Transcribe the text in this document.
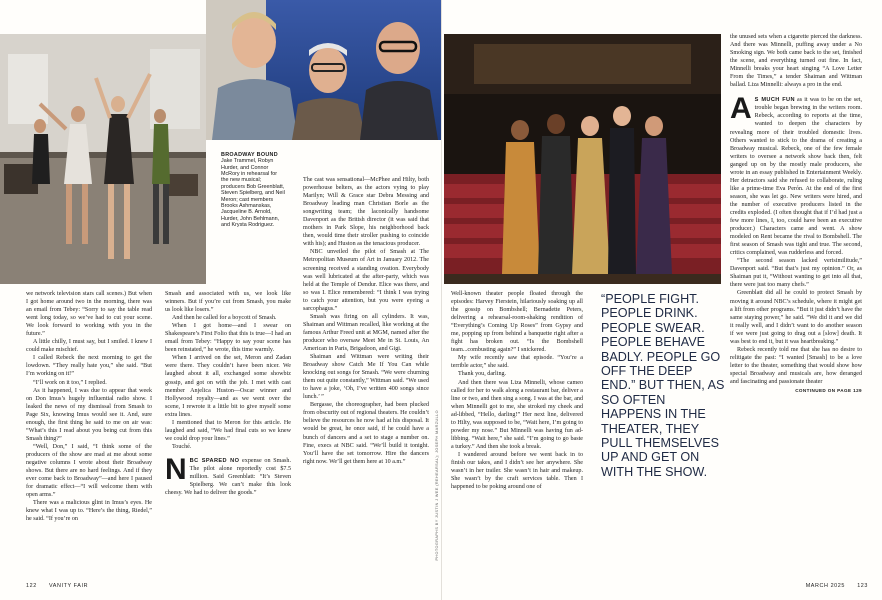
BROADWAY BOUND
Jake Trammel, Robyn Hurder, and Connor McRory in rehearsal for the new musical; producers Bob Greenblatt, Steven Spielberg, and Neil Meron; cast members Brooks Ashmanskas, Jacqueline B. Arnold, Hurder, John Behlmann, and Krysta Rodriguez.

we network television stars call scenes.) But when I got home around two in the morning, there was an email from Tebey: “Sorry to say the table read went long today, so we’ve had to cut your scene. We look forward to working with you in the future.”

A little chilly, I must say, but I smiled. I knew I could make mischief.

I called Rebeck the next morning to get the lowdown. “They really hate you,” she said. “But I’m working on it!”

“I’ll work on it too,” I replied.

As it happened, I was due to appear that week on Don Imus’s hugely influential radio show. I leaked the news of my dismissal from Smash to Page Six, knowing Imus would see it. And, sure enough, the first thing he said to me on air was: “What’s this I read about you being cut from this Smash thing?”

“Well, Don,” I said, “I think some of the producers of the show are mad at me about some negative columns I wrote about their Broadway shows. But there are no hard feelings. And if they ever come back to Broadway”—and here I paused for dramatic effect—“I will welcome them with open arms.”

There was a malicious glint in Imus’s eyes. He knew what I was up to. “Here’s the thing, Riedel,” he said. “If you’re on

Smash and associated with us, we look like winners. But if you’re cut from Smash, you make us look like losers.”

And then he called for a boycott of Smash.

When I got home—and I swear on Shakespeare’s First Folio that this is true—I had an email from Tebey: “Happy to say your scene has been reinstated,” he wrote, this time warmly.

When I arrived on the set, Meron and Zadan were there. They couldn’t have been nicer. We laughed about it all, exchanged some showbiz gossip, and got on with the job. I met with cast member Anjelica Huston—Oscar winner and Hollywood royalty—and as we went over the scene, I rewrote it a little bit to give myself some extra lines.

I mentioned that to Meron for this article. He laughed and said, “We had final cuts so we knew we could drop your lines.”

Touché.

NBC SPARED NO expense on Smash. The pilot alone reportedly cost $7.5 million. Said Greenblatt: “It’s Steven Spielberg. We can’t make this look cheesy. We had to deliver the goods.”

The cast was sensational—McPhee and Hilty, both powerhouse belters, as the actors vying to play Marilyn; Will & Grace star Debra Messing and Broadway leading man Christian Borle as the songwriting team; the laconically handsome Davenport as the British director (it was said that mothers in Park Slope, his neighborhood back then, would time their stroller pushing to coincide with his); and Huston as the tenacious producer.

NBC unveiled the pilot of Smash at The Metropolitan Museum of Art in January 2012. The screening received a standing ovation. Everybody was well lubricated at the after-party, which was held at the Temple of Dendur. Elice was there, and so was I. Elice remembered: “I think I was trying to catch your attention, but you were eyeing a sarcophagus.”

Smash was firing on all cylinders. It was, Shaiman and Wittman recalled, like working at the famous Arthur Freed unit at MGM, named after the producer who oversaw Meet Me in St. Louis, An American in Paris, Brigadoon, and Gigi.

Shaiman and Wittman were writing their Broadway show Catch Me If You Can while knocking out songs for Smash. “We were churning them out quite constantly,” Wittman said. “We used to have a joke, ‘Oh, I’ve written 400 songs since lunch.’ ”

Bergasse, the choreographer, had been plucked from obscurity out of regional theaters. He couldn’t believe the resources he now had at his disposal. It would be great, he once said, if he could have a bunch of dancers and a set to stage a number on. Fine, execs at NBC said. “We’ll build it tonight. You’ll have the set tomorrow. Hire the dancers right now. We’ll get them here at 10 a.m.”	PHOTOGRAPHS BY JUSTIN J WEE (REHEARSAL); JOSEPH MARZULLO
122 VANITY FAIR

Well-known theater people floated through the episodes: Harvey Fierstein, hilariously soaking up all the gossip on Bombshell; Bernadette Peters, delivering a rehearsal-room-shaking rendition of “Everything’s Coming Up Roses” from Gypsy and me, popping up from behind a banquette right after a fight has broken out. “Is the Bombshell team...combusting again?” I snickered.

My wife recently saw that episode. “You’re a terrible actor,” she said.

Thank you, darling.

And then there was Liza Minnelli, whose cameo called for her to walk along a restaurant bar, deliver a line or two, and then sing a song. I was at the bar, and when Minnelli got to me, she stroked my cheek and ad-libbed, “Hello, darling!” Her next line, delivered to Hilty, was supposed to be, “Wait here, I’m going to powder my nose.” But Minnelli was having fun ad-libbing. “Wait here,” she said. “I’m going to go baste a turkey.” And then she took a break.

I wandered around before we went back in to finish our takes, and I didn’t see her anywhere. She wasn’t in her trailer. She wasn’t in hair and makeup. She wasn’t by the craft services table. Then I happened to be poking around one of

“PEOPLE FIGHT. PEOPLE DRINK. PEOPLE SWEAR. PEOPLE BEHAVE BADLY. PEOPLE GO OFF THE DEEP END.” BUT THEN, AS SO OFTEN HAPPENS IN THE THEATER, THEY PULL THEMSELVES UP AND GET ON WITH THE SHOW.

the unused sets when a cigarette pierced the darkness. And there was Minnelli, puffing away under a No Smoking sign. We both came back to the set, finished the scene, and everything turned out fine. In fact, Minnelli breaks your heart singing “A Love Letter From the Times,” a tender Shaiman and Wittman ballad. Liza Minnelli: always a pro in the end.

A S MUCH FUN as it was to be on the set, trouble began brewing in the writers room. Rebeck, according to reports at the time, wanted to deepen the characters by revealing more of their troubled domestic lives. Others wanted to stick to the drama of creating a Broadway musical. Rebeck, one of the few female writers to oversee a network show back then, felt ganged up on by the mostly male producers, she wrote in an essay published in Entertainment Weekly. Her detractors said she refused to collaborate, ruling like a prime-time Eva Perón. At the end of the first season, she was let go. New writers were hired, and the number of executive producers listed in the credits exploded. (I often thought that if I’d had just a few more lines, I, too, could have been an executive producer.) Characters came and went. A show modeled on Rent became the rival to Bombshell. The first season of Smash was tight and true. The second, critics complained, was rudderless and forced.

“The second season lacked verisimilitude,” Davenport said. “But that’s just my opinion.” Or, as Shaiman put it, “Without wanting to get into all that, there were just too many chefs.”

Greenblatt did all he could to protect Smash by moving it around NBC’s schedule, where it might get a lift from other programs. “But it just didn’t have the same staying power,” he said. “We did it and we did it really well, and I didn’t want to do another season if we were just going to drag out a [slow] death. It was best to end it, but it was heartbreaking.”

Rebeck recently told me that she has no desire to relitigate the past: “I wanted [Smash] to be a love letter to the theater, something that would show how special Broadway and musicals are, how deranged and fascinating and passionate theater

CONTINUED ON PAGE 129
MARCH 2025 123
